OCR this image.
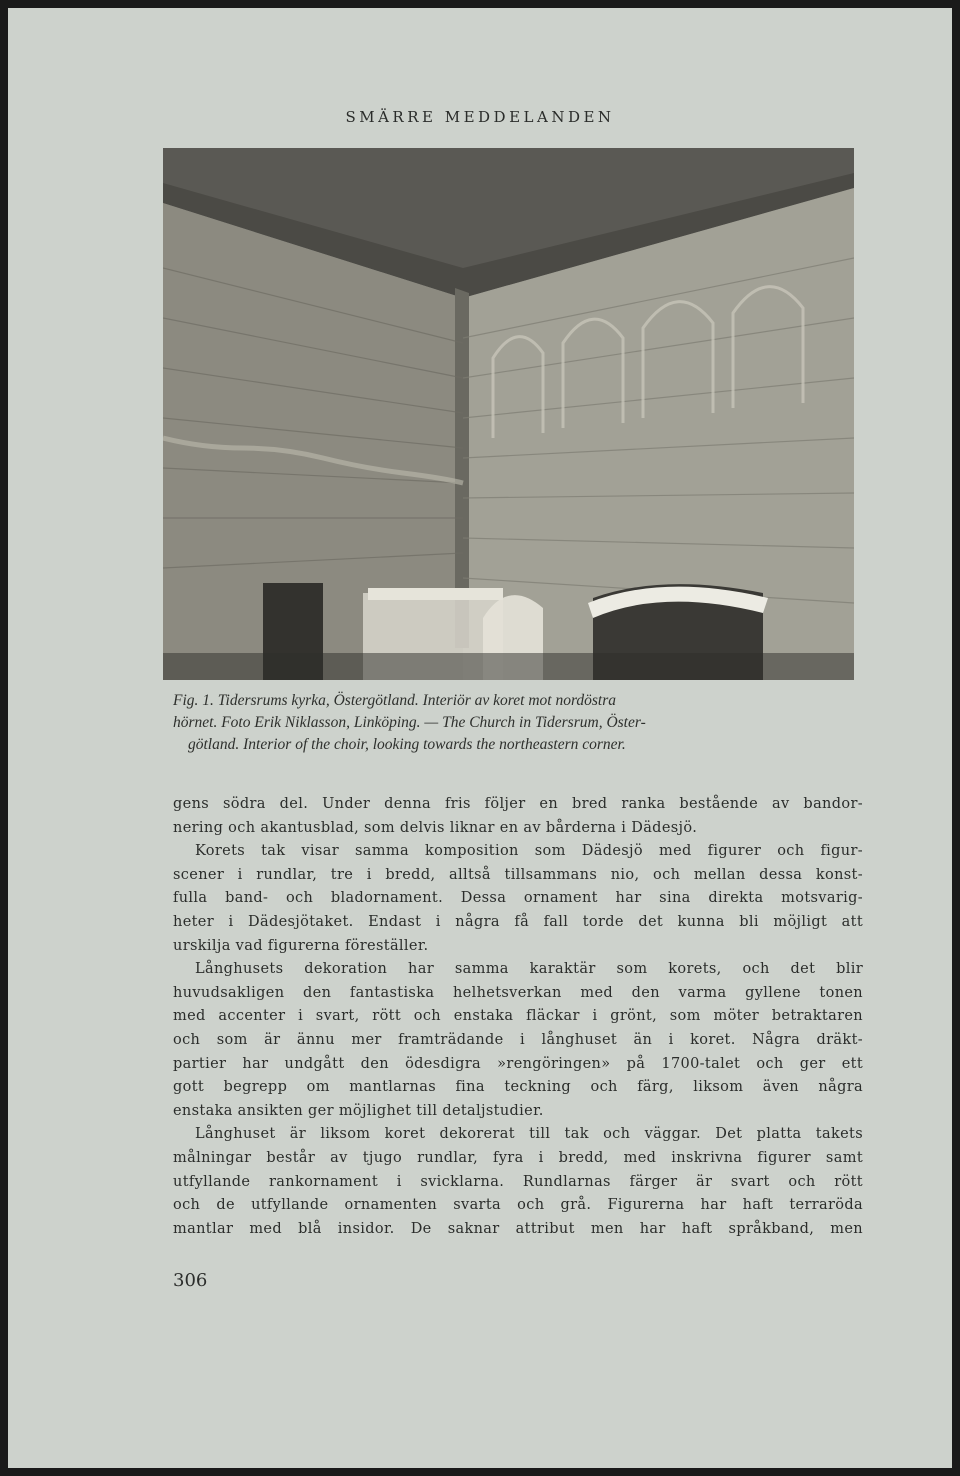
SMÄRRE MEDDELANDEN
Fig. 1. Tidersrums kyrka, Östergötland. Interiör av koret mot nordöstra
hörnet. Foto Erik Niklasson, Linköping. — The Church in Tidersrum, Öster-
götland. Interior of the choir, looking towards the northeastern corner.
gens södra del. Under denna fris följer en bred ranka bestående av bandor-
nering och akantusblad, som delvis liknar en av bårderna i Dädesjö.
Korets tak visar samma komposition som Dädesjö med figurer och figur-
scener i rundlar, tre i bredd, alltså tillsammans nio, och mellan dessa konst-
fulla band- och bladornament. Dessa ornament har sina direkta motsvarig-
heter i Dädesjötaket. Endast i några få fall torde det kunna bli möjligt att
urskilja vad figurerna föreställer.
Långhusets dekoration har samma karaktär som korets, och det blir
huvudsakligen den fantastiska helhetsverkan med den varma gyllene tonen
med accenter i svart, rött och enstaka fläckar i grönt, som möter betraktaren
och som är ännu mer framträdande i långhuset än i koret. Några dräkt-
partier har undgått den ödesdigra »rengöringen» på 1700-talet och ger ett
gott begrepp om mantlarnas fina teckning och färg, liksom även några
enstaka ansikten ger möjlighet till detaljstudier.
Långhuset är liksom koret dekorerat till tak och väggar. Det platta takets
målningar består av tjugo rundlar, fyra i bredd, med inskrivna figurer samt
utfyllande rankornament i svicklarna. Rundlarnas färger är svart och rött
och de utfyllande ornamenten svarta och grå. Figurerna har haft terraröda
mantlar med blå insidor. De saknar attribut men har haft språkband, men
306
